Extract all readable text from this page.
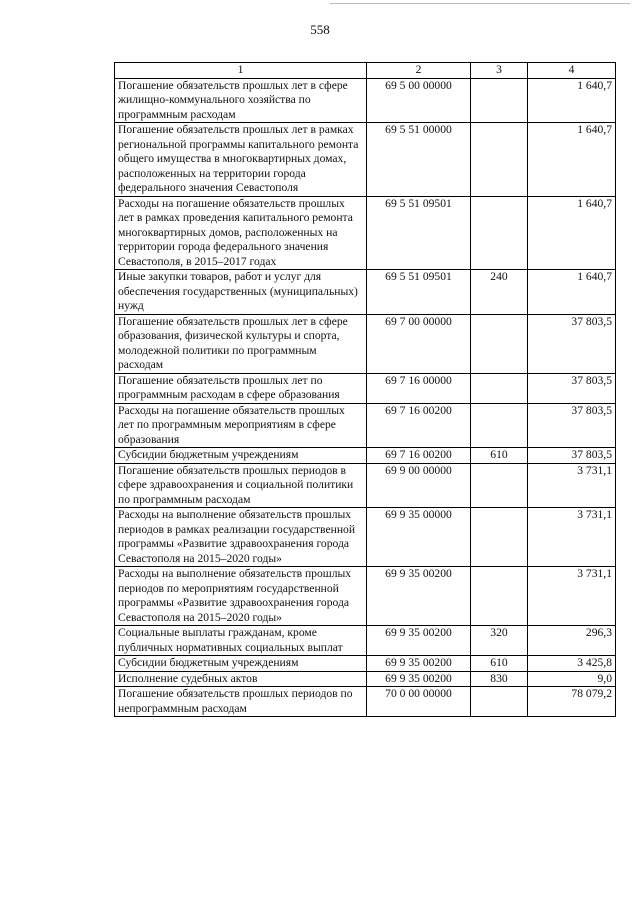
558
1	2	3	4
Погашение обязательств прошлых лет в сфере жилищно-коммунального хозяйства по программным расходам	69 5 00 00000		1 640,7
Погашение обязательств прошлых лет в рамках региональной программы капитального ремонта общего имущества в многоквартирных домах, расположенных на территории города федерального значения Севастополя	69 5 51 00000		1 640,7
Расходы на погашение обязательств прошлых лет в рамках проведения капитального ремонта многоквартирных домов, расположенных на территории города федерального значения Севастополя, в 2015–2017 годах	69 5 51 09501		1 640,7
Иные закупки товаров, работ и услуг для обеспечения государственных (муниципальных) нужд	69 5 51 09501	240	1 640,7
Погашение обязательств прошлых лет в сфере образования, физической культуры и спорта, молодежной политики по программным расходам	69 7 00 00000		37 803,5
Погашение обязательств прошлых лет по программным расходам в сфере образования	69 7 16 00000		37 803,5
Расходы на погашение обязательств прошлых лет по программным мероприятиям в сфере образования	69 7 16 00200		37 803,5
Субсидии бюджетным учреждениям	69 7 16 00200	610	37 803,5
Погашение обязательств прошлых периодов в сфере здравоохранения и социальной политики по программным расходам	69 9 00 00000		3 731,1
Расходы на выполнение обязательств прошлых периодов в рамках реализации государственной программы «Развитие здравоохранения города Севастополя на 2015–2020 годы»	69 9 35 00000		3 731,1
Расходы на выполнение обязательств прошлых периодов по мероприятиям государственной программы «Развитие здравоохранения города Севастополя на 2015–2020 годы»	69 9 35 00200		3 731,1
Социальные выплаты гражданам, кроме публичных нормативных социальных выплат	69 9 35 00200	320	296,3
Субсидии бюджетным учреждениям	69 9 35 00200	610	3 425,8
Исполнение судебных актов	69 9 35 00200	830	9,0
Погашение обязательств прошлых периодов по непрограммным расходам	70 0 00 00000		78 079,2
